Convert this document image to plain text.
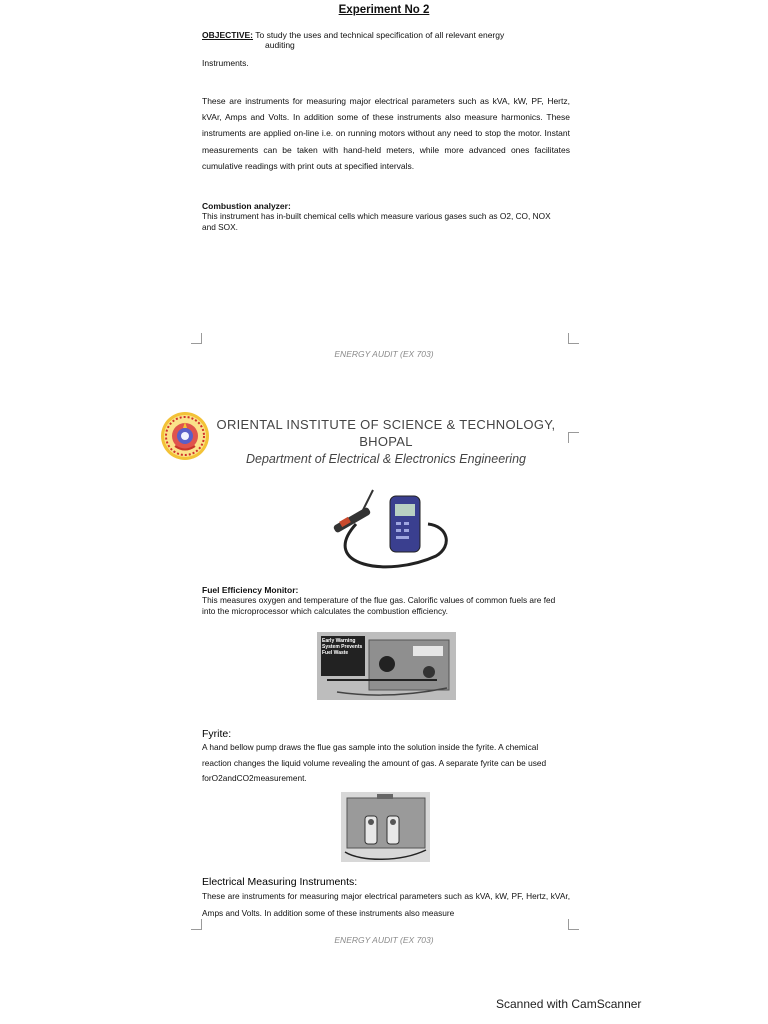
Experiment No 2
OBJECTIVE: To study the uses and technical specification of all relevant energy
auditing
Instruments.
These are instruments for measuring major electrical parameters such as kVA, kW, PF, Hertz, kVAr, Amps and Volts. In addition some of these instruments also measure harmonics. These instruments are applied on-line i.e. on running motors without any need to stop the motor. Instant measurements can be taken with hand-held meters, while more advanced ones facilitates cumulative readings with print outs at specified intervals.
Combustion analyzer:
This instrument has in-built chemical cells which measure various gases such as O2, CO, NOX and SOX.
ENERGY AUDIT (EX 703)
ORIENTAL INSTITUTE OF SCIENCE & TECHNOLOGY,
BHOPAL
Department of Electrical & Electronics Engineering
Fuel Efficiency Monitor:
This measures oxygen and temperature of the flue gas. Calorific values of common fuels are fed into the microprocessor which calculates the combustion efficiency.
Early Warning System Prevents Fuel Waste
Fyrite:
A hand bellow pump draws the flue gas sample into the solution inside the fyrite. A chemical reaction changes the liquid volume revealing the amount of gas. A separate fyrite can be used forO2andCO2measurement.
Electrical Measuring Instruments:
These are instruments for measuring major electrical parameters such as kVA, kW, PF, Hertz, kVAr, Amps and Volts. In addition some of these instruments also measure
ENERGY AUDIT (EX 703)
Scanned with CamScanner
